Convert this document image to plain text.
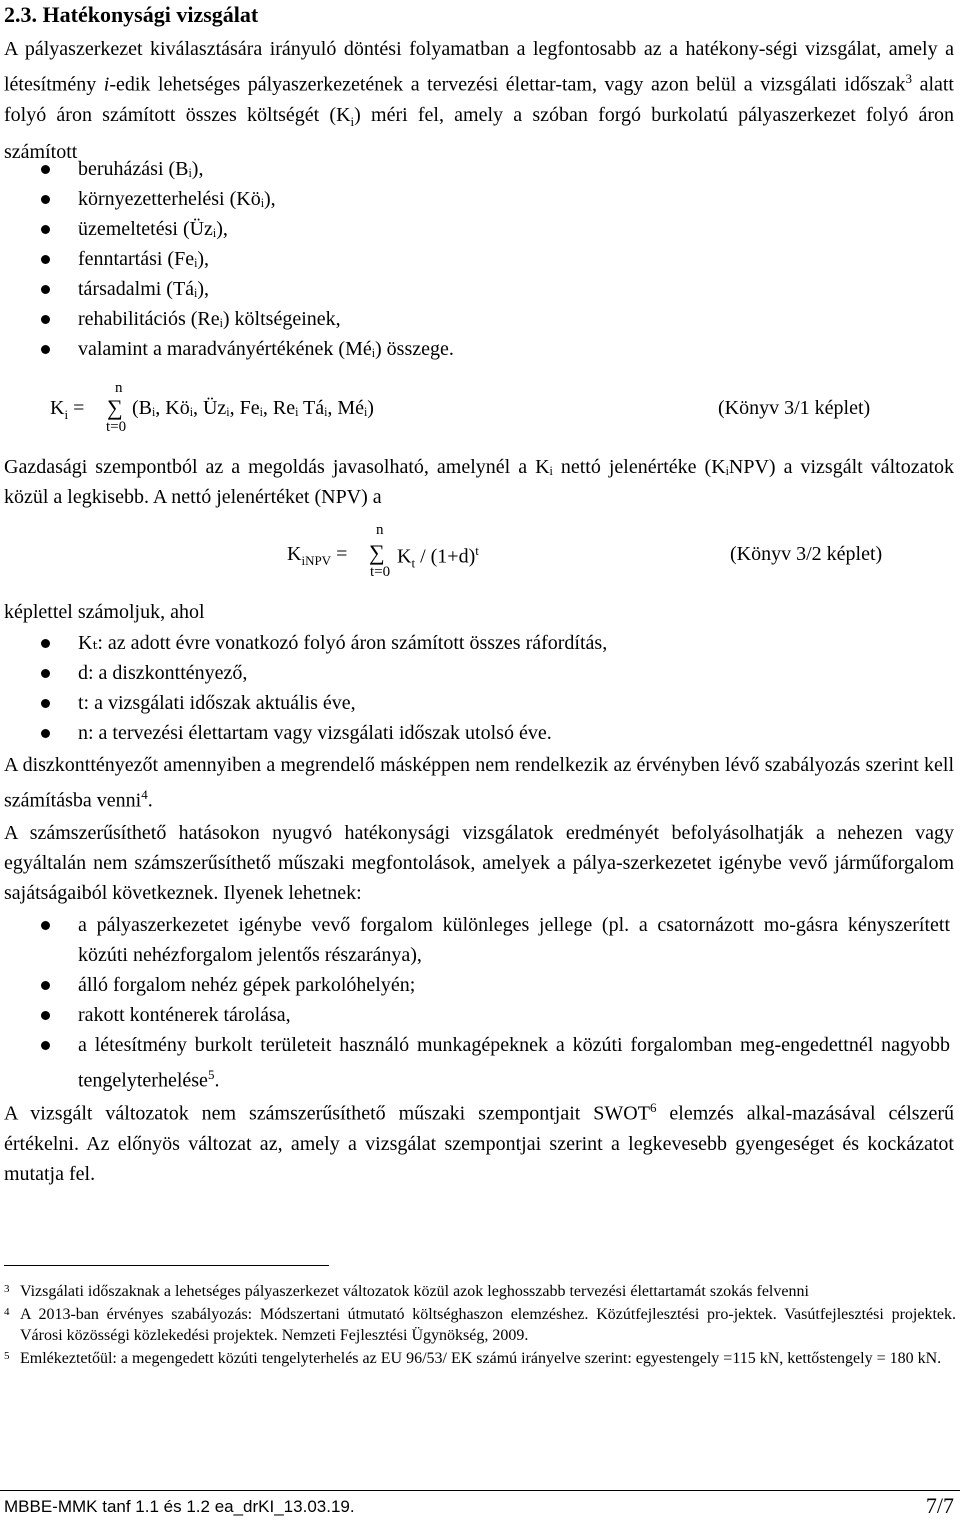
2.3. Hatékonysági vizsgálat
A pályaszerkezet kiválasztására irányuló döntési folyamatban a legfontosabb az a hatékony-ségi vizsgálat, amely a létesítmény i-edik lehetséges pályaszerkezetének a tervezési élettar-tam, vagy azon belül a vizsgálati időszak$^3$ alatt folyó áron számított összes költségét $(K_i)$ méri fel, amely a szóban forgó burkolatú pályaszerkezet folyó áron számított
beruházási (Bᵢ),
környezetterhelési (Köᵢ),
üzemeltetési (Üzᵢ),
fenntartási (Feᵢ),
társadalmi (Táᵢ),
rehabilitációs (Reᵢ) költségeinek,
valamint a maradványértékének (Méᵢ) összege.
$K_i$ =
n
∑
t=0
(Bᵢ, Köᵢ, Üzᵢ, Feᵢ, Reᵢ Táᵢ, Méᵢ)	(Könyv 3/1 képlet)
Gazdasági szempontból az a megoldás javasolható, amelynél a Kᵢ nettó jelenértéke (KᵢNPV) a vizsgált változatok közül a legkisebb. A nettó jelenértéket (NPV) a
$K_{iNPV}$ =
n
∑
t=0
$K_t / (1+d)^t$	(Könyv 3/2 képlet)
képlettel számoljuk, ahol
Kₜ: az adott évre vonatkozó folyó áron számított összes ráfordítás,
d: a diszkonttényező,
t: a vizsgálati időszak aktuális éve,
n: a tervezési élettartam vagy vizsgálati időszak utolsó éve.
A diszkonttényezőt amennyiben a megrendelő másképpen nem rendelkezik az érvényben lévő szabályozás szerint kell számításba venni$^4$.
A számszerűsíthető hatásokon nyugvó hatékonysági vizsgálatok eredményét befolyásolhatják a nehezen vagy egyáltalán nem számszerűsíthető műszaki megfontolások, amelyek a pálya-szerkezetet igénybe vevő járműforgalom sajátságaiból következnek. Ilyenek lehetnek:
a pályaszerkezetet igénybe vevő forgalom különleges jellege (pl. a csatornázott mo-gásra kényszerített közúti nehézforgalom jelentős részaránya),
álló forgalom nehéz gépek parkolóhelyén;
rakott konténerek tárolása,
a létesítmény burkolt területeit használó munkagépeknek a közúti forgalomban meg-engedettnél nagyobb tengelyterhelése$^5$.
A vizsgált változatok nem számszerűsíthető műszaki szempontjait SWOT$^6$ elemzés alkal-mazásával célszerű értékelni. Az előnyös változat az, amely a vizsgálat szempontjai szerint a legkevesebb gyengeséget és kockázatot mutatja fel.
3 Vizsgálati időszaknak a lehetséges pályaszerkezet változatok közül azok leghosszabb tervezési élettartamát szokás felvenni
4 A 2013-ban érvényes szabályozás: Módszertani útmutató költséghaszon elemzéshez. Közútfejlesztési pro-jektek. Vasútfejlesztési projektek. Városi közösségi közlekedési projektek. Nemzeti Fejlesztési Ügynökség, 2009.
5 Emlékeztetőül: a megengedett közúti tengelyterhelés az EU 96/53/ EK számú irányelve szerint: egyestengely =115 kN, kettőstengely = 180 kN.
MBBE-MMK tanf 1.1 és 1.2 ea_drKI_13.03.19.	7/7
